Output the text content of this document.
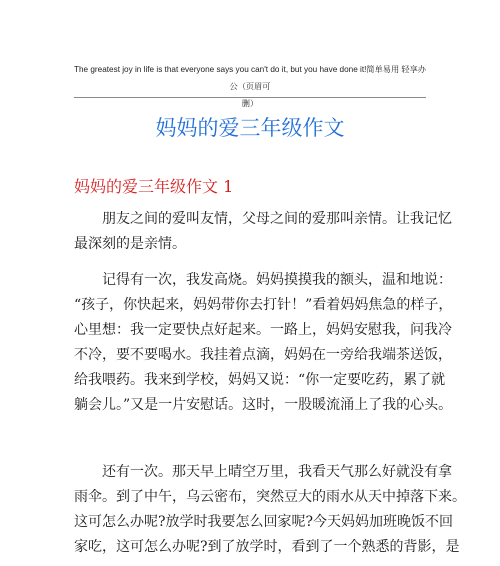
The greatest joy in life is that everyone says you can't do it, but you have done it!简单易用 轻享办公（页眉可
删）
妈妈的爱三年级作文
妈妈的爱三年级作文 1
朋友之间的爱叫友情，父母之间的爱那叫亲情。让我记忆
最深刻的是亲情。
记得有一次，我发高烧。妈妈摸摸我的额头，温和地说：
“孩子，你快起来，妈妈带你去打针！”看着妈妈焦急的样子，
心里想：我一定要快点好起来。一路上，妈妈安慰我，问我冷
不冷，要不要喝水。我挂着点滴，妈妈在一旁给我端茶送饭，
给我喂药。我来到学校，妈妈又说：“你一定要吃药，累了就
躺会儿。”又是一片安慰话。这时，一股暖流涌上了我的心头。
还有一次。那天早上晴空万里，我看天气那么好就没有拿
雨伞。到了中午，乌云密布，突然豆大的雨水从天中掉落下来。
这可怎么办呢?放学时我要怎么回家呢?今天妈妈加班晚饭不回
家吃，这可怎么办呢?到了放学时，看到了一个熟悉的背影，是
